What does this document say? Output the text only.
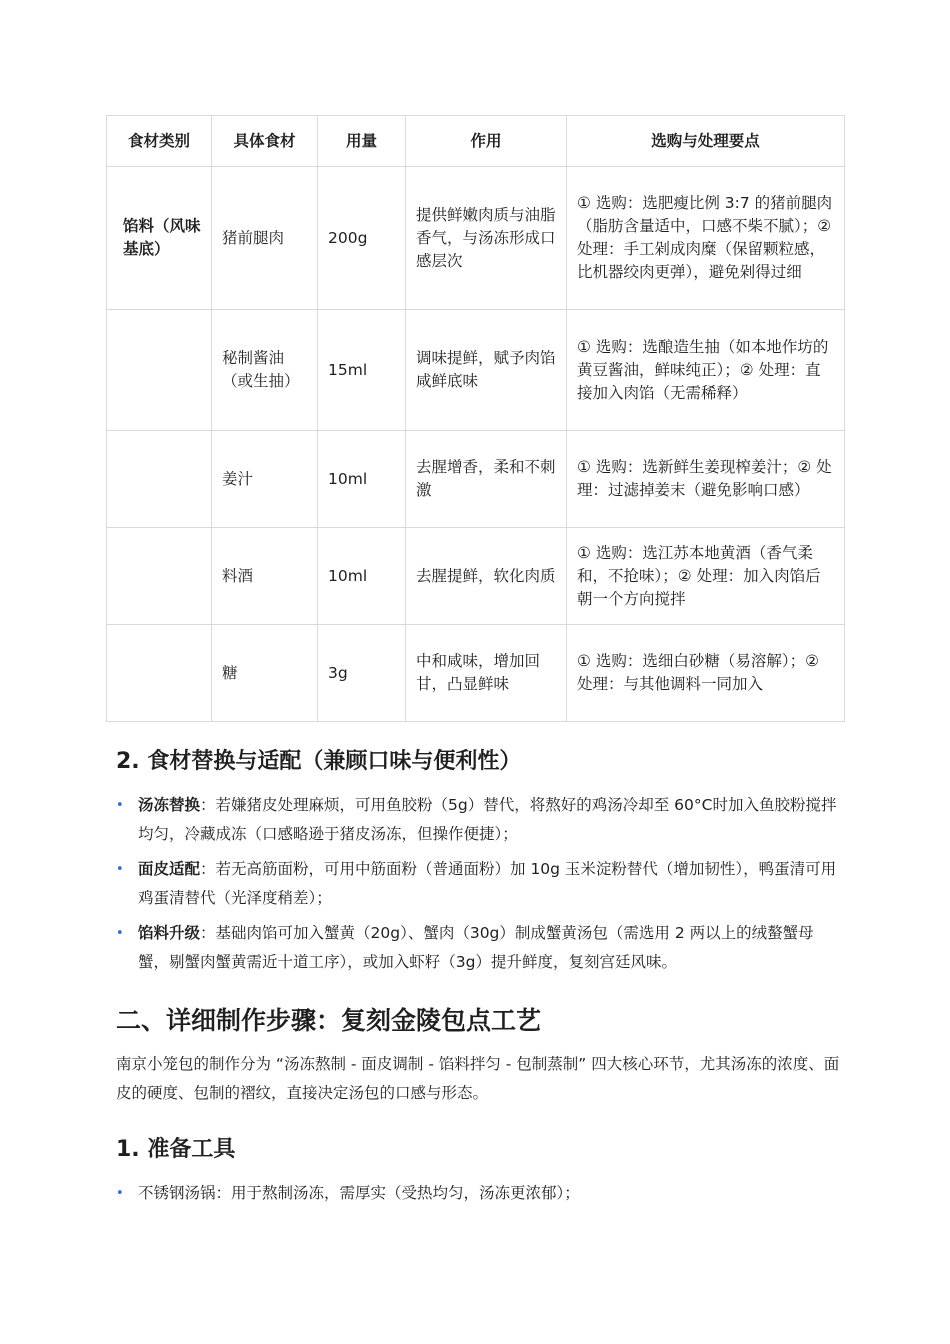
食材类别	具体食材	用量	作用	选购与处理要点
馅料（风味基底）	猪前腿肉	200g	提供鲜嫩肉质与油脂香气，与汤冻形成口感层次	① 选购：选肥瘦比例 3:7 的猪前腿肉（脂肪含量适中，口感不柴不腻）；② 处理：手工剁成肉糜（保留颗粒感，比机器绞肉更弹），避免剁得过细
	秘制酱油（或生抽）	15ml	调味提鲜，赋予肉馅咸鲜底味	① 选购：选酿造生抽（如本地作坊的黄豆酱油，鲜味纯正）；② 处理：直接加入肉馅（无需稀释）
	姜汁	10ml	去腥增香，柔和不刺激	① 选购：选新鲜生姜现榨姜汁；② 处理：过滤掉姜末（避免影响口感）
	料酒	10ml	去腥提鲜，软化肉质	① 选购：选江苏本地黄酒（香气柔和，不抢味）；② 处理：加入肉馅后朝一个方向搅拌
	糖	3g	中和咸味，增加回甘，凸显鲜味	① 选购：选细白砂糖（易溶解）；② 处理：与其他调料一同加入
2. 食材替换与适配（兼顾口味与便利性）
• 汤冻替换：若嫌猪皮处理麻烦，可用鱼胶粉（5g）替代，将熬好的鸡汤冷却至 60°C时加入鱼胶粉搅拌均匀，冷藏成冻（口感略逊于猪皮汤冻，但操作便捷）；
• 面皮适配：若无高筋面粉，可用中筋面粉（普通面粉）加 10g 玉米淀粉替代（增加韧性），鸭蛋清可用鸡蛋清替代（光泽度稍差）；
• 馅料升级：基础肉馅可加入蟹黄（20g）、蟹肉（30g）制成蟹黄汤包（需选用 2 两以上的绒螯蟹母蟹，剔蟹肉蟹黄需近十道工序），或加入虾籽（3g）提升鲜度，复刻宫廷风味。
二、详细制作步骤：复刻金陵包点工艺

南京小笼包的制作分为 “汤冻熬制 - 面皮调制 - 馅料拌匀 - 包制蒸制” 四大核心环节，尤其汤冻的浓度、面皮的硬度、包制的褶纹，直接决定汤包的口感与形态。

1. 准备工具
• 不锈钢汤锅：用于熬制汤冻，需厚实（受热均匀，汤冻更浓郁）；
